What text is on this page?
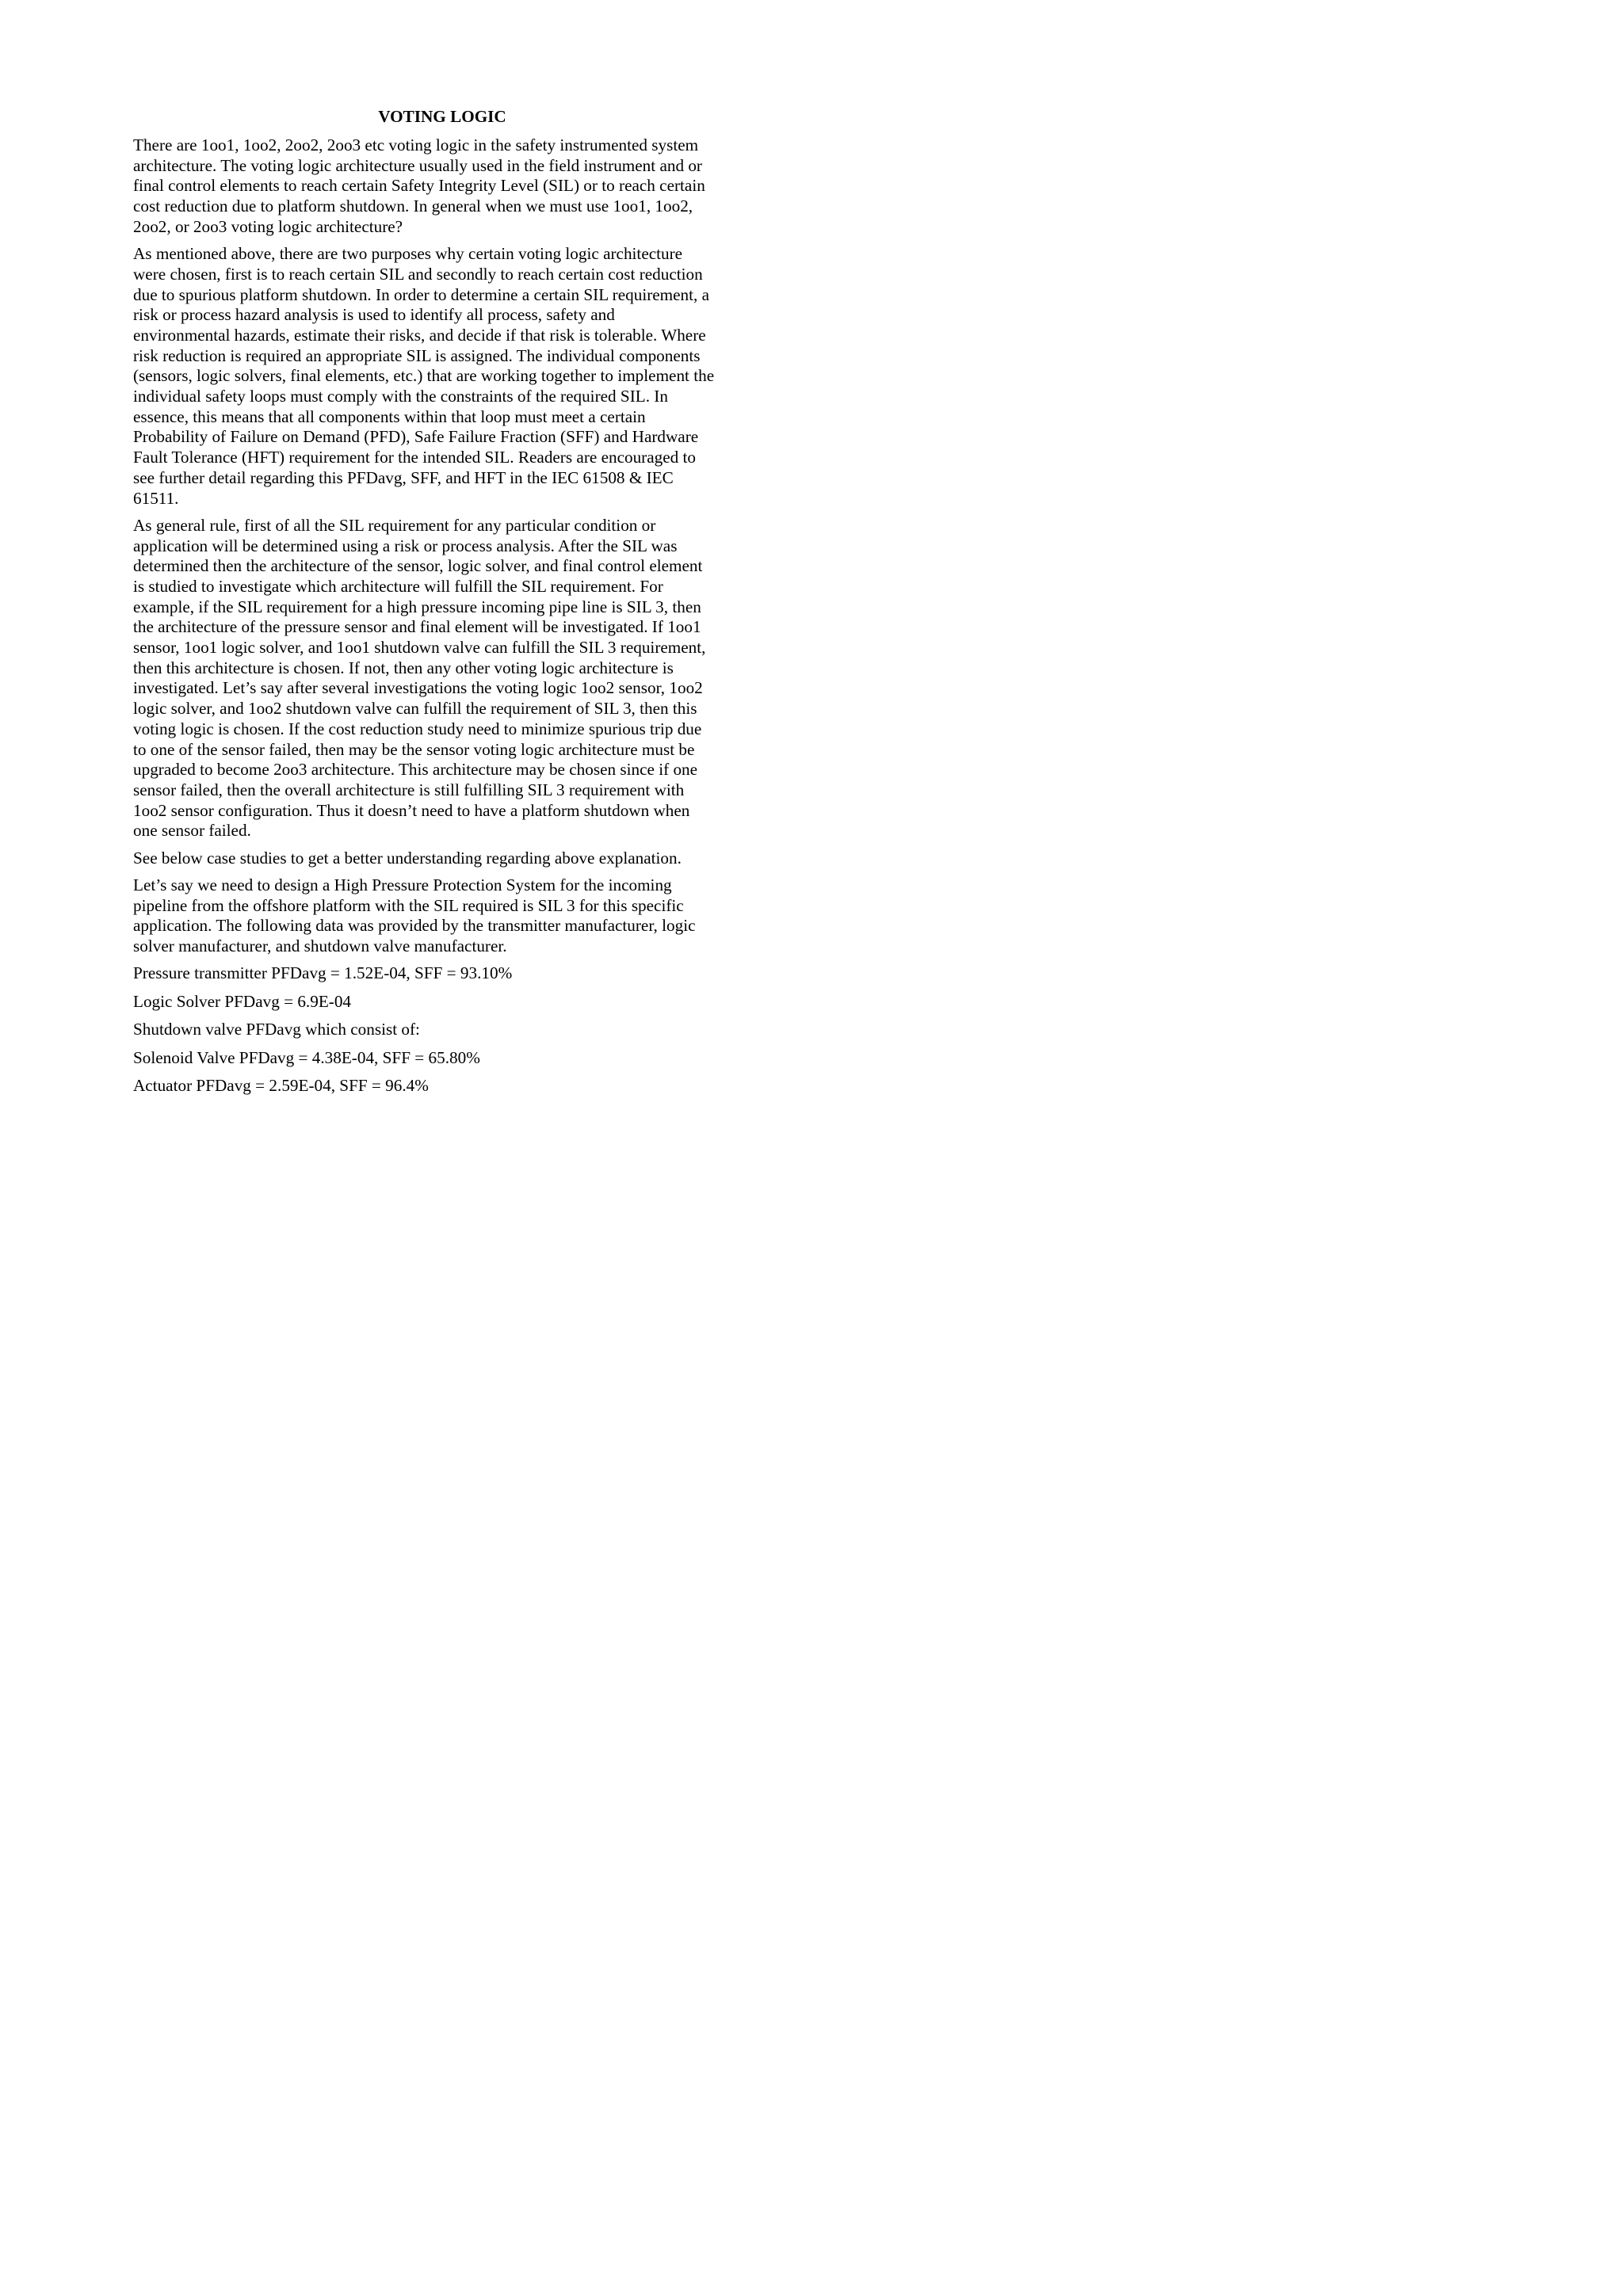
VOTING LOGIC

There are 1oo1, 1oo2, 2oo2, 2oo3 etc voting logic in the safety instrumented system
architecture. The voting logic architecture usually used in the field instrument and or
final control elements to reach certain Safety Integrity Level (SIL) or to reach certain
cost reduction due to platform shutdown. In general when we must use 1oo1, 1oo2,
2oo2, or 2oo3 voting logic architecture?

As mentioned above, there are two purposes why certain voting logic architecture
were chosen, first is to reach certain SIL and secondly to reach certain cost reduction
due to spurious platform shutdown. In order to determine a certain SIL requirement, a
risk or process hazard analysis is used to identify all process, safety and
environmental hazards, estimate their risks, and decide if that risk is tolerable. Where
risk reduction is required an appropriate SIL is assigned. The individual components
(sensors, logic solvers, final elements, etc.) that are working together to implement the
individual safety loops must comply with the constraints of the required SIL. In
essence, this means that all components within that loop must meet a certain
Probability of Failure on Demand (PFD), Safe Failure Fraction (SFF) and Hardware
Fault Tolerance (HFT) requirement for the intended SIL. Readers are encouraged to
see further detail regarding this PFDavg, SFF, and HFT in the IEC 61508 & IEC
61511.

As general rule, first of all the SIL requirement for any particular condition or
application will be determined using a risk or process analysis. After the SIL was
determined then the architecture of the sensor, logic solver, and final control element
is studied to investigate which architecture will fulfill the SIL requirement. For
example, if the SIL requirement for a high pressure incoming pipe line is SIL 3, then
the architecture of the pressure sensor and final element will be investigated. If 1oo1
sensor, 1oo1 logic solver, and 1oo1 shutdown valve can fulfill the SIL 3 requirement,
then this architecture is chosen. If not, then any other voting logic architecture is
investigated. Let’s say after several investigations the voting logic 1oo2 sensor, 1oo2
logic solver, and 1oo2 shutdown valve can fulfill the requirement of SIL 3, then this
voting logic is chosen. If the cost reduction study need to minimize spurious trip due
to one of the sensor failed, then may be the sensor voting logic architecture must be
upgraded to become 2oo3 architecture. This architecture may be chosen since if one
sensor failed, then the overall architecture is still fulfilling SIL 3 requirement with
1oo2 sensor configuration. Thus it doesn’t need to have a platform shutdown when
one sensor failed.

See below case studies to get a better understanding regarding above explanation.

Let’s say we need to design a High Pressure Protection System for the incoming
pipeline from the offshore platform with the SIL required is SIL 3 for this specific
application. The following data was provided by the transmitter manufacturer, logic
solver manufacturer, and shutdown valve manufacturer.

Pressure transmitter PFDavg = 1.52E-04, SFF = 93.10%

Logic Solver PFDavg = 6.9E-04

Shutdown valve PFDavg which consist of:

Solenoid Valve PFDavg = 4.38E-04, SFF = 65.80%

Actuator PFDavg = 2.59E-04, SFF = 96.4%
